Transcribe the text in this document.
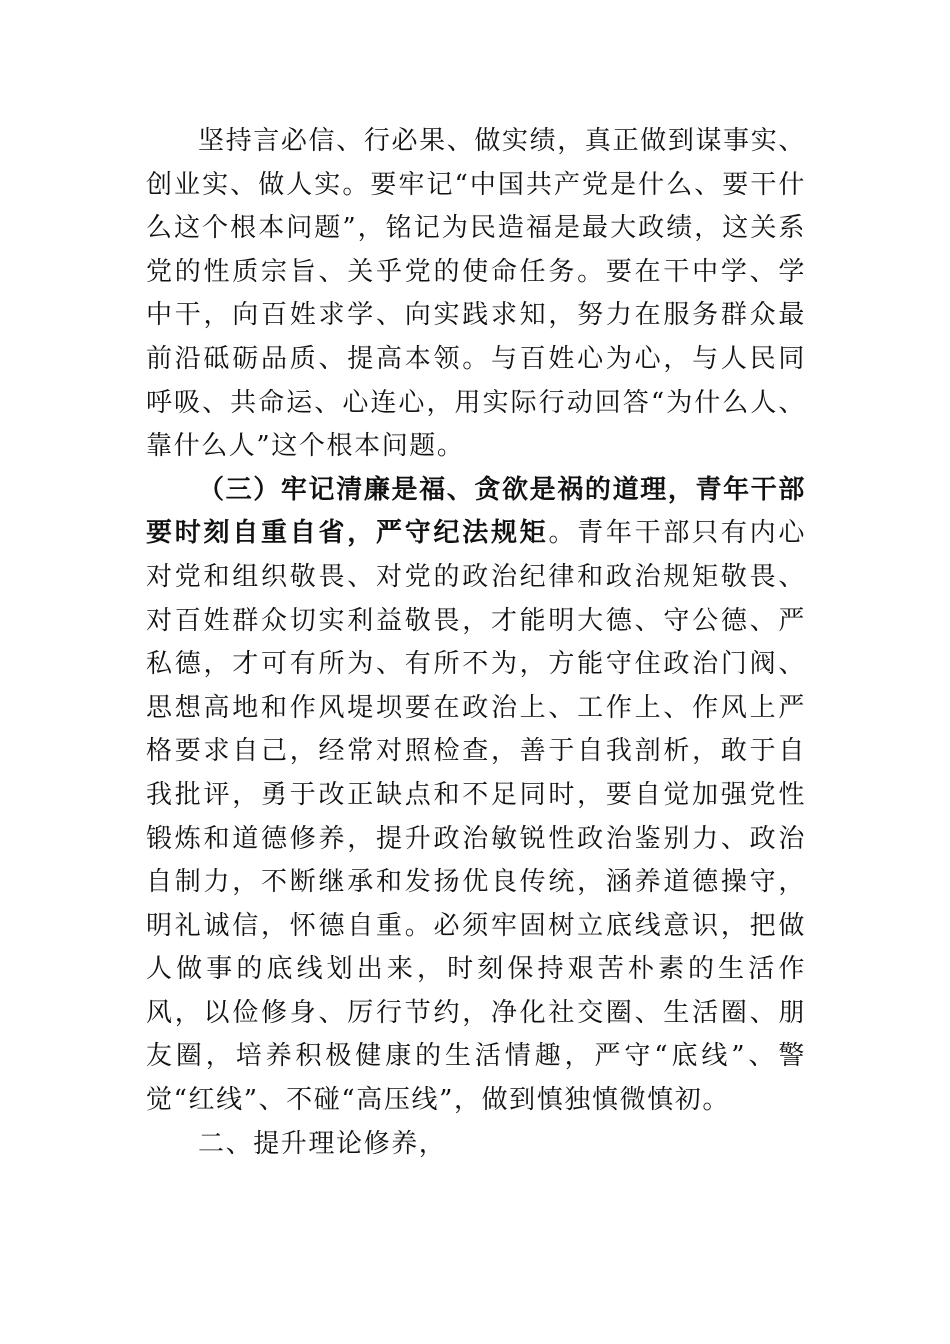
坚持言必信、行必果、做实绩，真正做到谋事实、创业实、做人实。要牢记“中国共产党是什么、要干什么这个根本问题”，铭记为民造福是最大政绩，这关系党的性质宗旨、关乎党的使命任务。要在干中学、学中干，向百姓求学、向实践求知，努力在服务群众最前沿砥砺品质、提高本领。与百姓心为心，与人民同呼吸、共命运、心连心，用实际行动回答“为什么人、靠什么人”这个根本问题。

（三）牢记清廉是福、贪欲是祸的道理，青年干部要时刻自重自省，严守纪法规矩。青年干部只有内心对党和组织敬畏、对党的政治纪律和政治规矩敬畏、对百姓群众切实利益敬畏，才能明大德、守公德、严私德，才可有所为、有所不为，方能守住政治门阀、思想高地和作风堤坝要在政治上、工作上、作风上严格要求自己，经常对照检查，善于自我剖析，敢于自我批评，勇于改正缺点和不足同时，要自觉加强党性锻炼和道德修养，提升政治敏锐性政治鉴别力、政治自制力，不断继承和发扬优良传统，涵养道德操守，明礼诚信，怀德自重。必须牢固树立底线意识，把做人做事的底线划出来，时刻保持艰苦朴素的生活作风，以俭修身、厉行节约，净化社交圈、生活圈、朋友圈，培养积极健康的生活情趣，严守“底线”、警觉“红线”、不碰“高压线”，做到慎独慎微慎初。

二、提升理论修养，
